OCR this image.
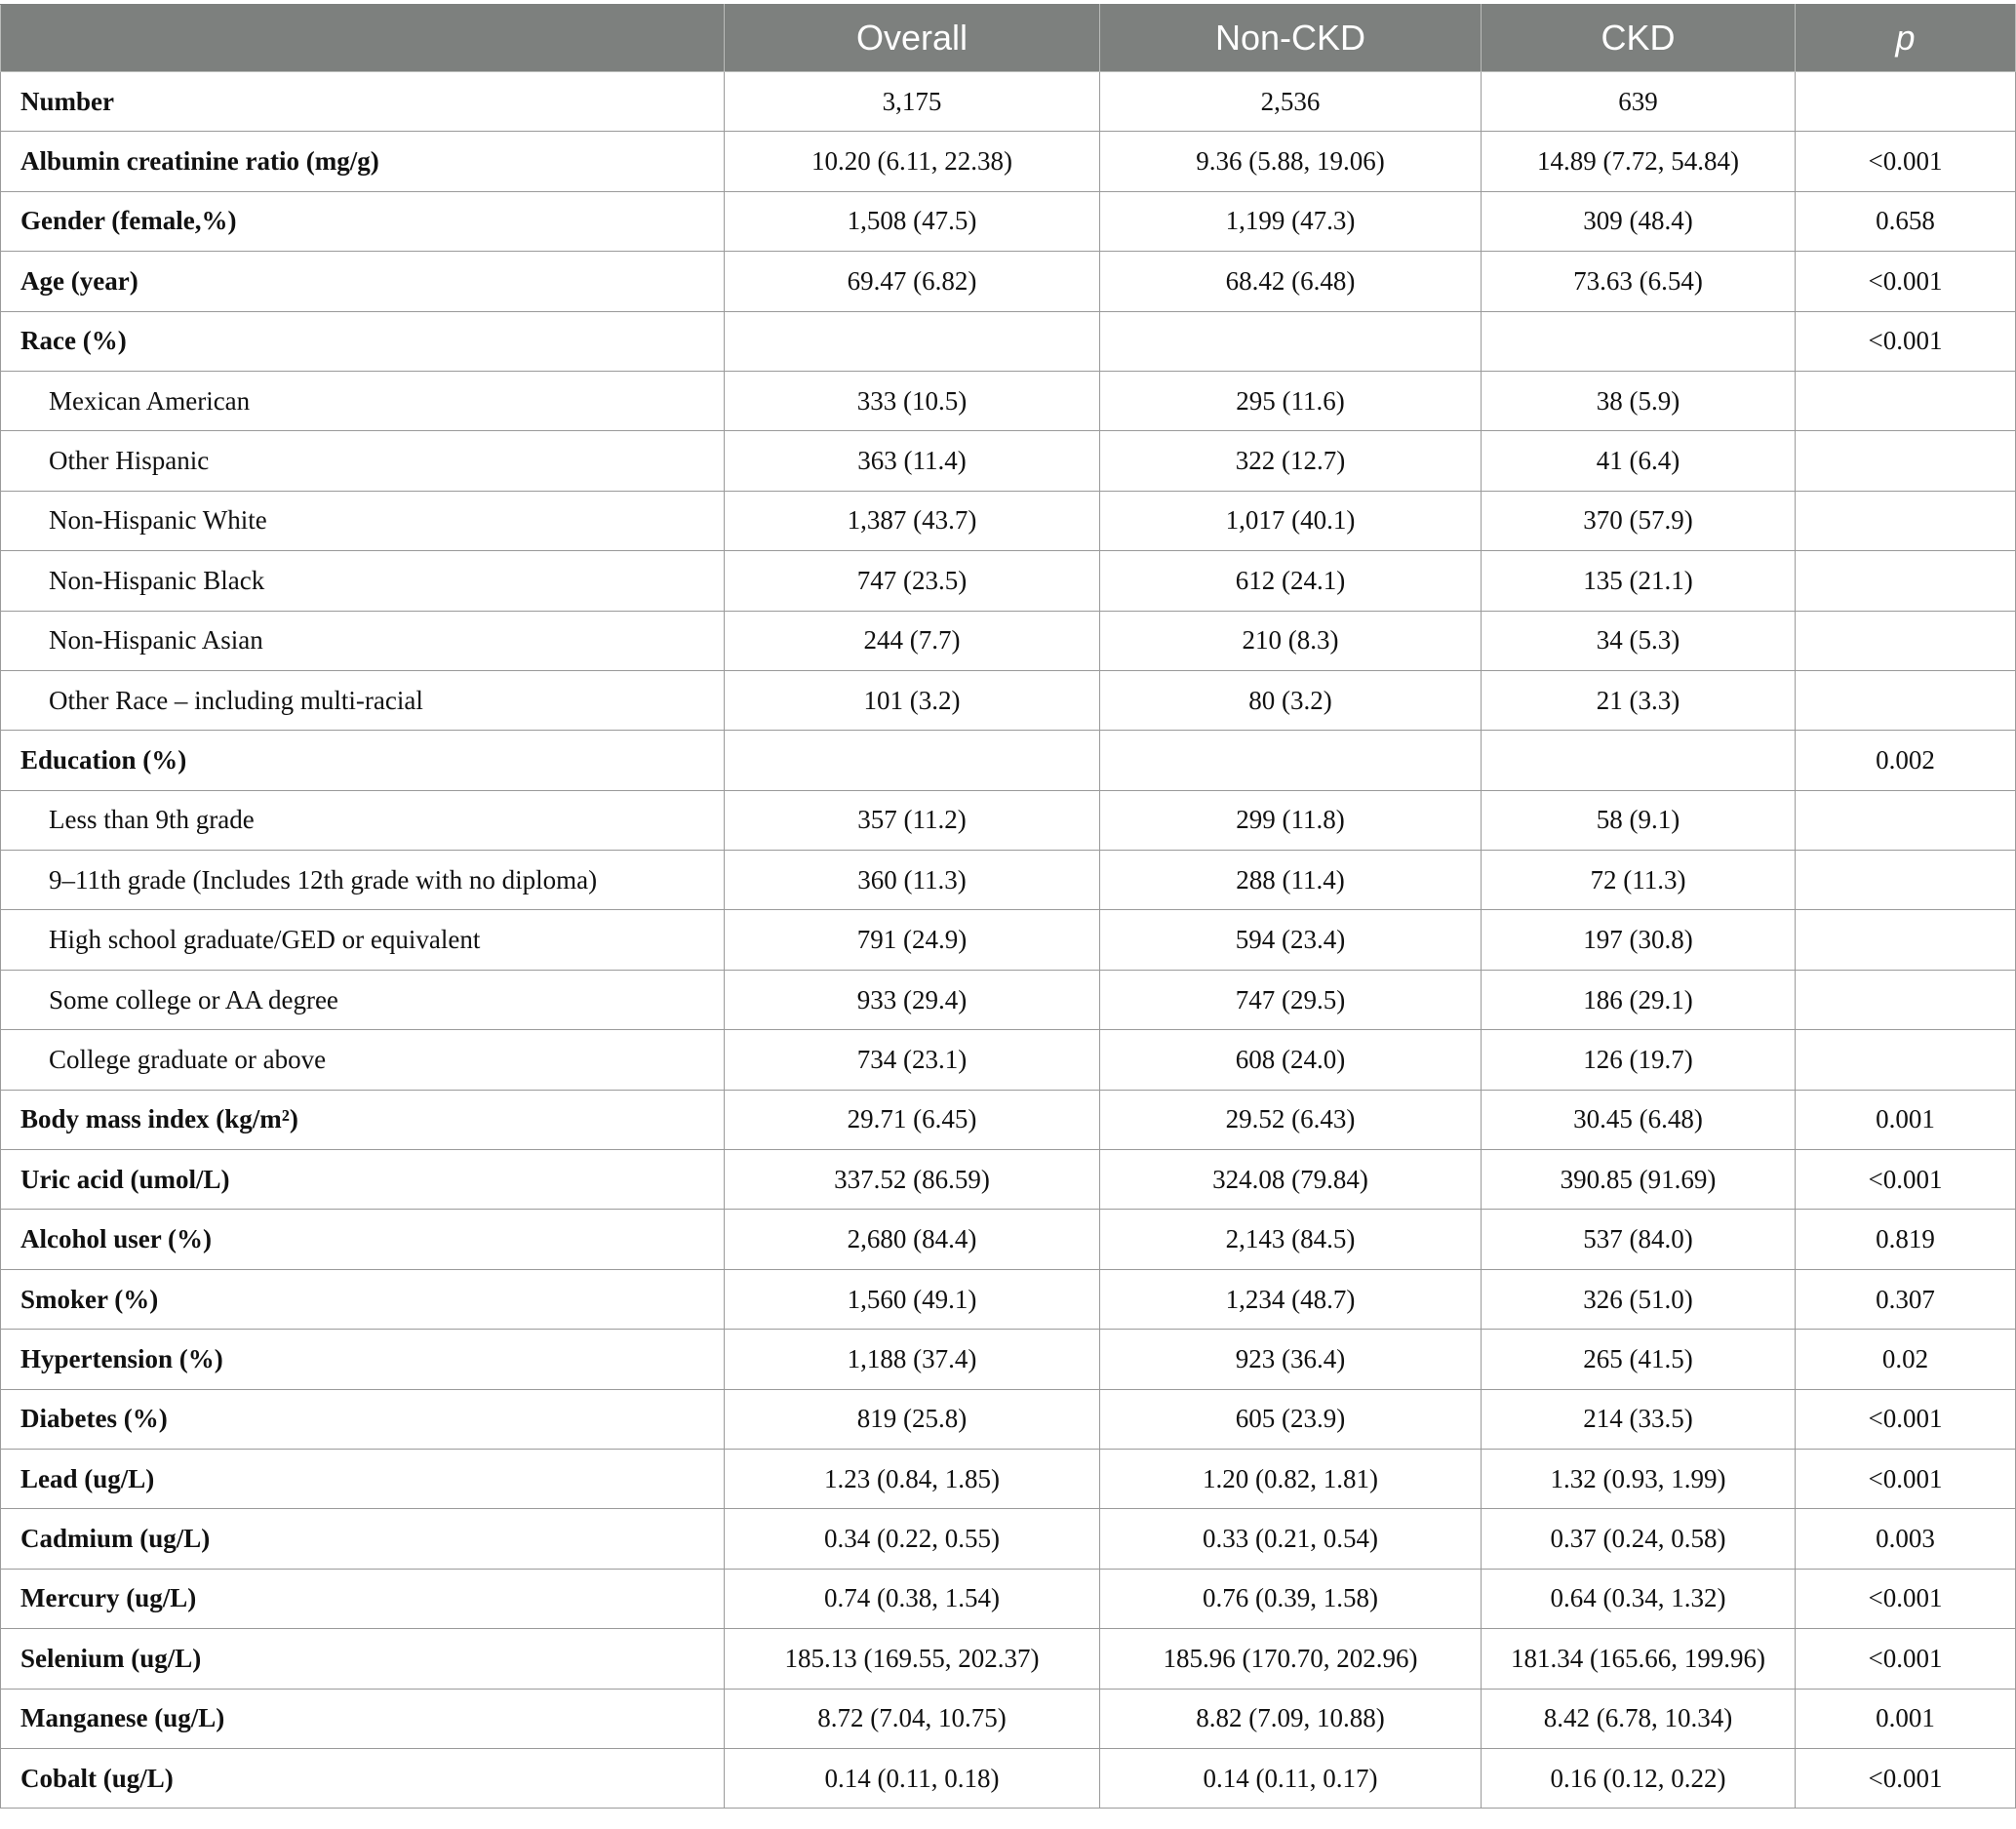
	Overall	Non-CKD	CKD	p
Number	3,175	2,536	639	
Albumin creatinine ratio (mg/g)	10.20 (6.11, 22.38)	9.36 (5.88, 19.06)	14.89 (7.72, 54.84)	<0.001
Gender (female,%)	1,508 (47.5)	1,199 (47.3)	309 (48.4)	0.658
Age (year)	69.47 (6.82)	68.42 (6.48)	73.63 (6.54)	<0.001
Race (%)				<0.001
Mexican American	333 (10.5)	295 (11.6)	38 (5.9)	
Other Hispanic	363 (11.4)	322 (12.7)	41 (6.4)	
Non-Hispanic White	1,387 (43.7)	1,017 (40.1)	370 (57.9)	
Non-Hispanic Black	747 (23.5)	612 (24.1)	135 (21.1)	
Non-Hispanic Asian	244 (7.7)	210 (8.3)	34 (5.3)	
Other Race – including multi-racial	101 (3.2)	80 (3.2)	21 (3.3)	
Education (%)				0.002
Less than 9th grade	357 (11.2)	299 (11.8)	58 (9.1)	
9–11th grade (Includes 12th grade with no diploma)	360 (11.3)	288 (11.4)	72 (11.3)	
High school graduate/GED or equivalent	791 (24.9)	594 (23.4)	197 (30.8)	
Some college or AA degree	933 (29.4)	747 (29.5)	186 (29.1)	
College graduate or above	734 (23.1)	608 (24.0)	126 (19.7)	
Body mass index (kg/m²)	29.71 (6.45)	29.52 (6.43)	30.45 (6.48)	0.001
Uric acid (umol/L)	337.52 (86.59)	324.08 (79.84)	390.85 (91.69)	<0.001
Alcohol user (%)	2,680 (84.4)	2,143 (84.5)	537 (84.0)	0.819
Smoker (%)	1,560 (49.1)	1,234 (48.7)	326 (51.0)	0.307
Hypertension (%)	1,188 (37.4)	923 (36.4)	265 (41.5)	0.02
Diabetes (%)	819 (25.8)	605 (23.9)	214 (33.5)	<0.001
Lead (ug/L)	1.23 (0.84, 1.85)	1.20 (0.82, 1.81)	1.32 (0.93, 1.99)	<0.001
Cadmium (ug/L)	0.34 (0.22, 0.55)	0.33 (0.21, 0.54)	0.37 (0.24, 0.58)	0.003
Mercury (ug/L)	0.74 (0.38, 1.54)	0.76 (0.39, 1.58)	0.64 (0.34, 1.32)	<0.001
Selenium (ug/L)	185.13 (169.55, 202.37)	185.96 (170.70, 202.96)	181.34 (165.66, 199.96)	<0.001
Manganese (ug/L)	8.72 (7.04, 10.75)	8.82 (7.09, 10.88)	8.42 (6.78, 10.34)	0.001
Cobalt (ug/L)	0.14 (0.11, 0.18)	0.14 (0.11, 0.17)	0.16 (0.12, 0.22)	<0.001
